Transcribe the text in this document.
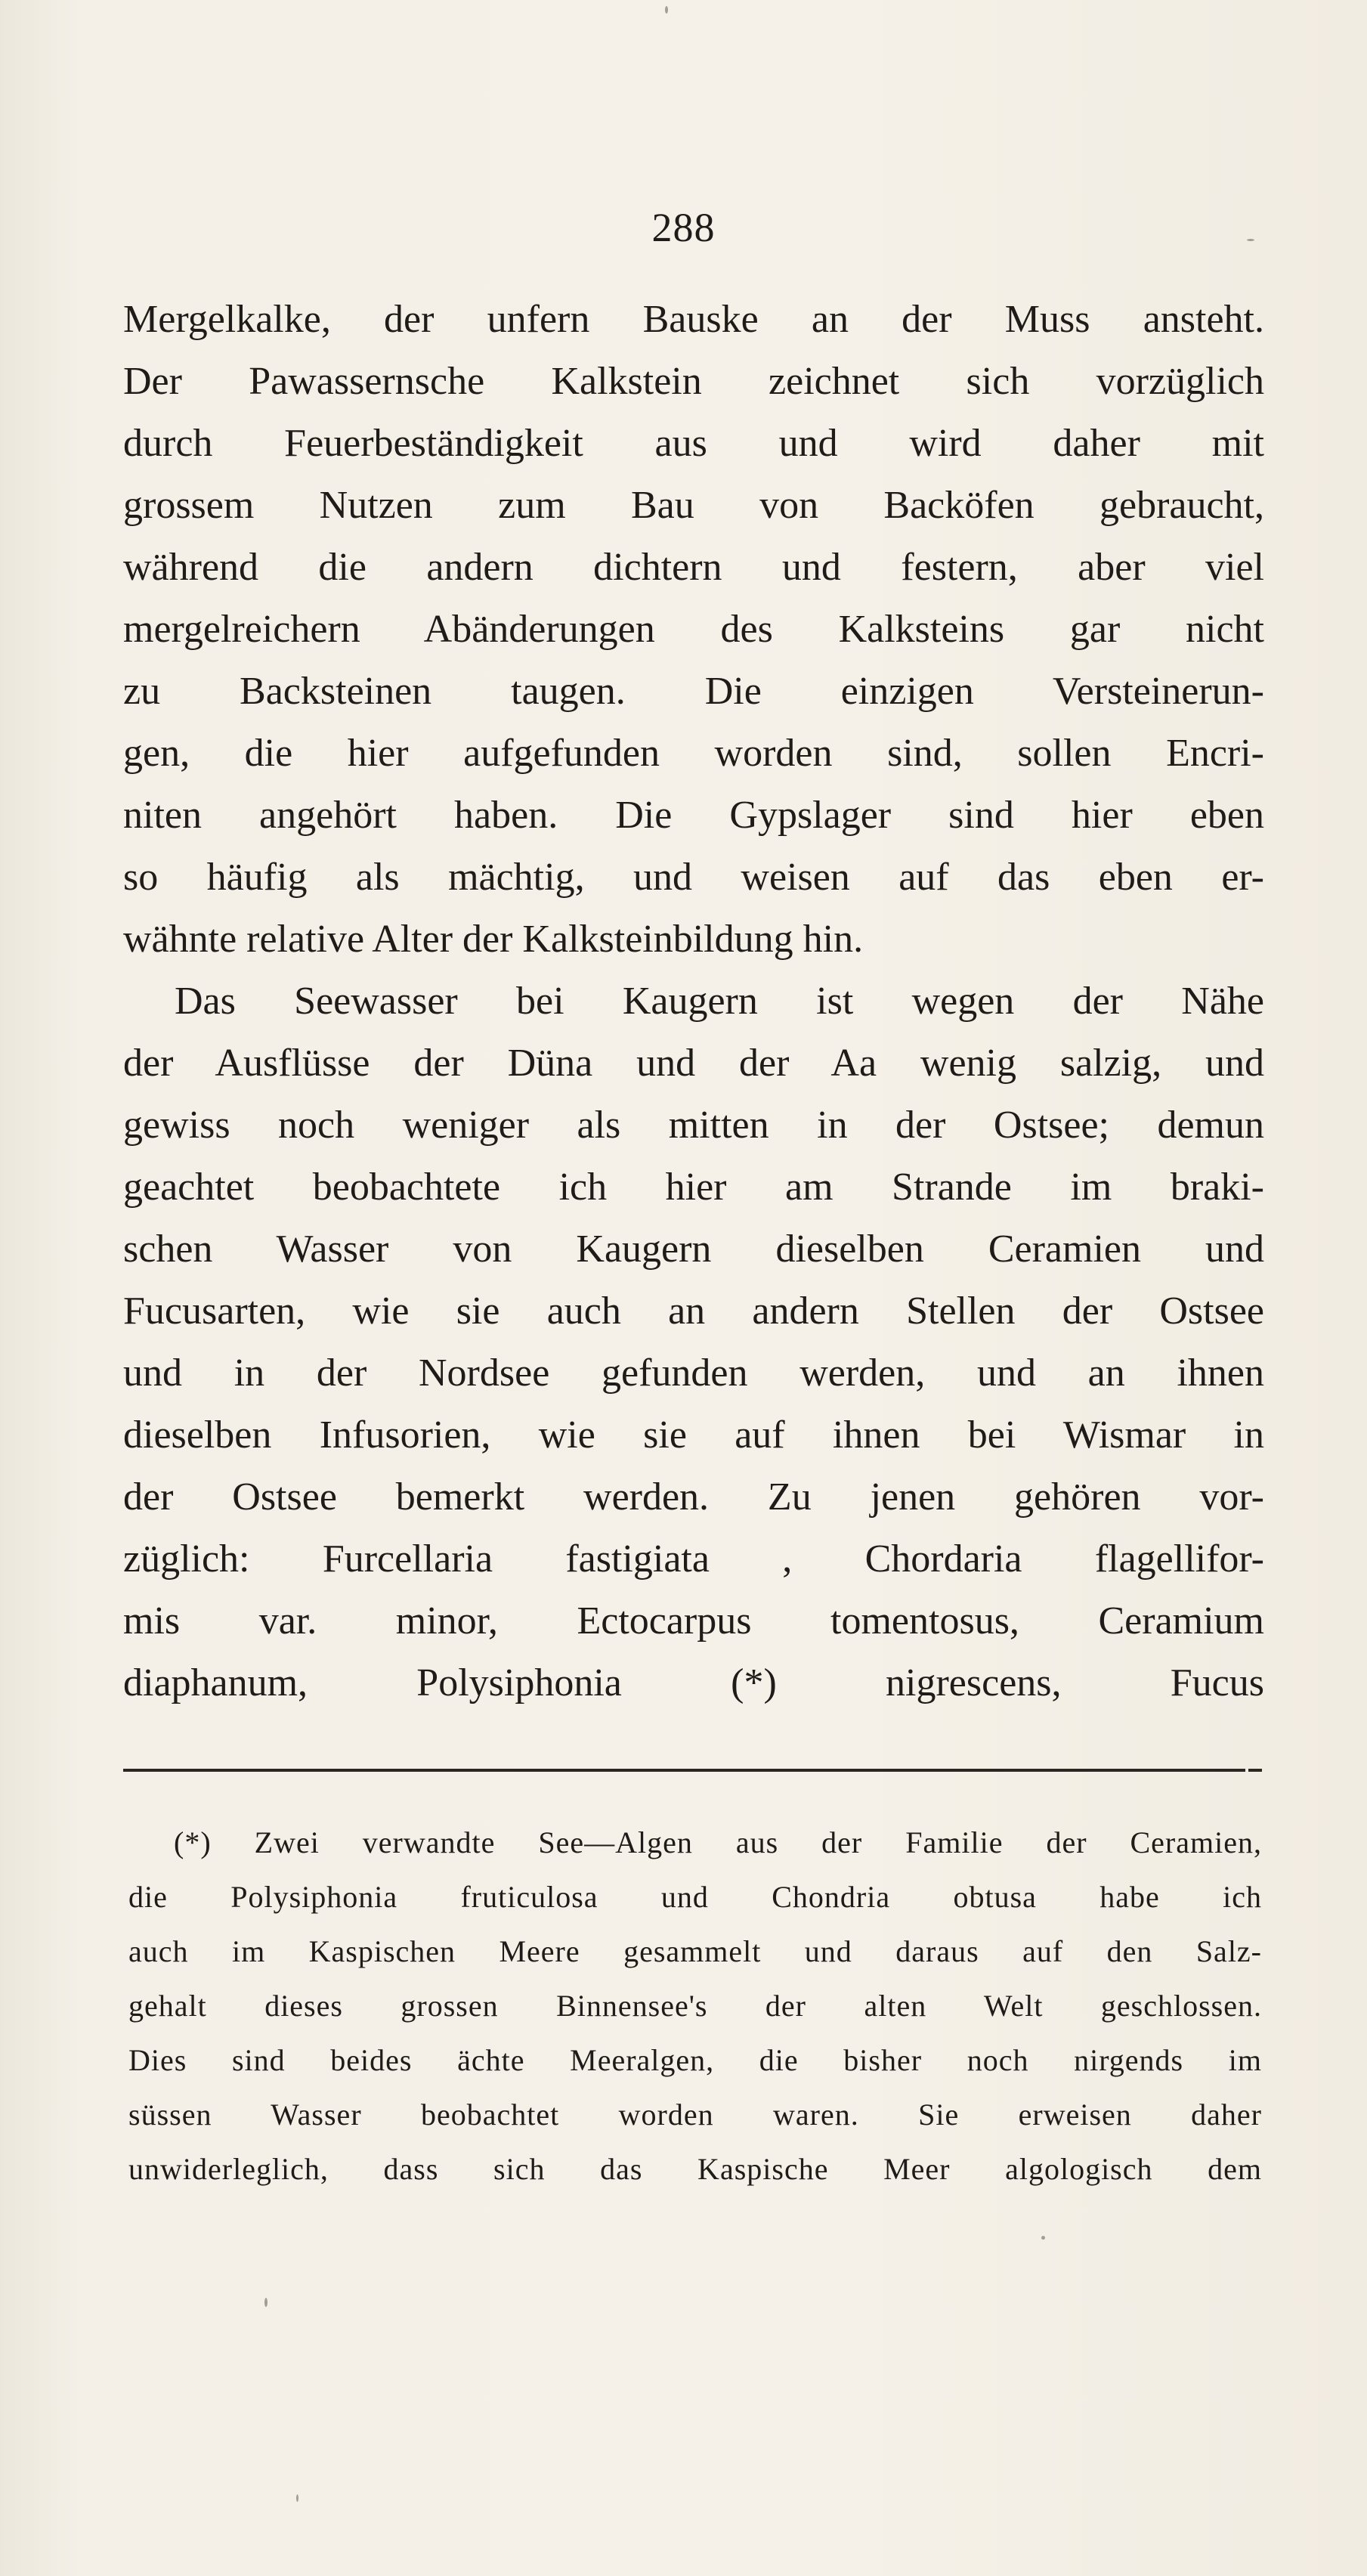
288
Mergelkalke, der unfern Bauske an der Muss ansteht.
Der Pawassernsche Kalkstein zeichnet sich vorzüglich
durch Feuerbeständigkeit aus und wird daher mit
grossem Nutzen zum Bau von Backöfen gebraucht,
während die andern dichtern und festern, aber viel
mergelreichern Abänderungen des Kalksteins gar nicht
zu Backsteinen taugen. Die einzigen Versteinerun-
gen, die hier aufgefunden worden sind, sollen Encri-
niten angehört haben. Die Gypslager sind hier eben
so häufig als mächtig, und weisen auf das eben er-
wähnte relative Alter der Kalksteinbildung hin.
Das Seewasser bei Kaugern ist wegen der Nähe
der Ausflüsse der Düna und der Aa wenig salzig, und
gewiss noch weniger als mitten in der Ostsee; demun
geachtet beobachtete ich hier am Strande im braki-
schen Wasser von Kaugern dieselben Ceramien und
Fucusarten, wie sie auch an andern Stellen der Ostsee
und in der Nordsee gefunden werden, und an ihnen
dieselben Infusorien, wie sie auf ihnen bei Wismar in
der Ostsee bemerkt werden. Zu jenen gehören vor-
züglich: Furcellaria fastigiata , Chordaria flagellifor-
mis var. minor, Ectocarpus tomentosus, Ceramium
diaphanum, Polysiphonia (*) nigrescens, Fucus
(*) Zwei verwandte See—Algen aus der Familie der Ceramien,
die Polysiphonia fruticulosa und Chondria obtusa habe ich
auch im Kaspischen Meere gesammelt und daraus auf den Salz-
gehalt dieses grossen Binnensee's der alten Welt geschlossen.
Dies sind beides ächte Meeralgen, die bisher noch nirgends im
süssen Wasser beobachtet worden waren. Sie erweisen daher
unwiderleglich, dass sich das Kaspische Meer algologisch dem
